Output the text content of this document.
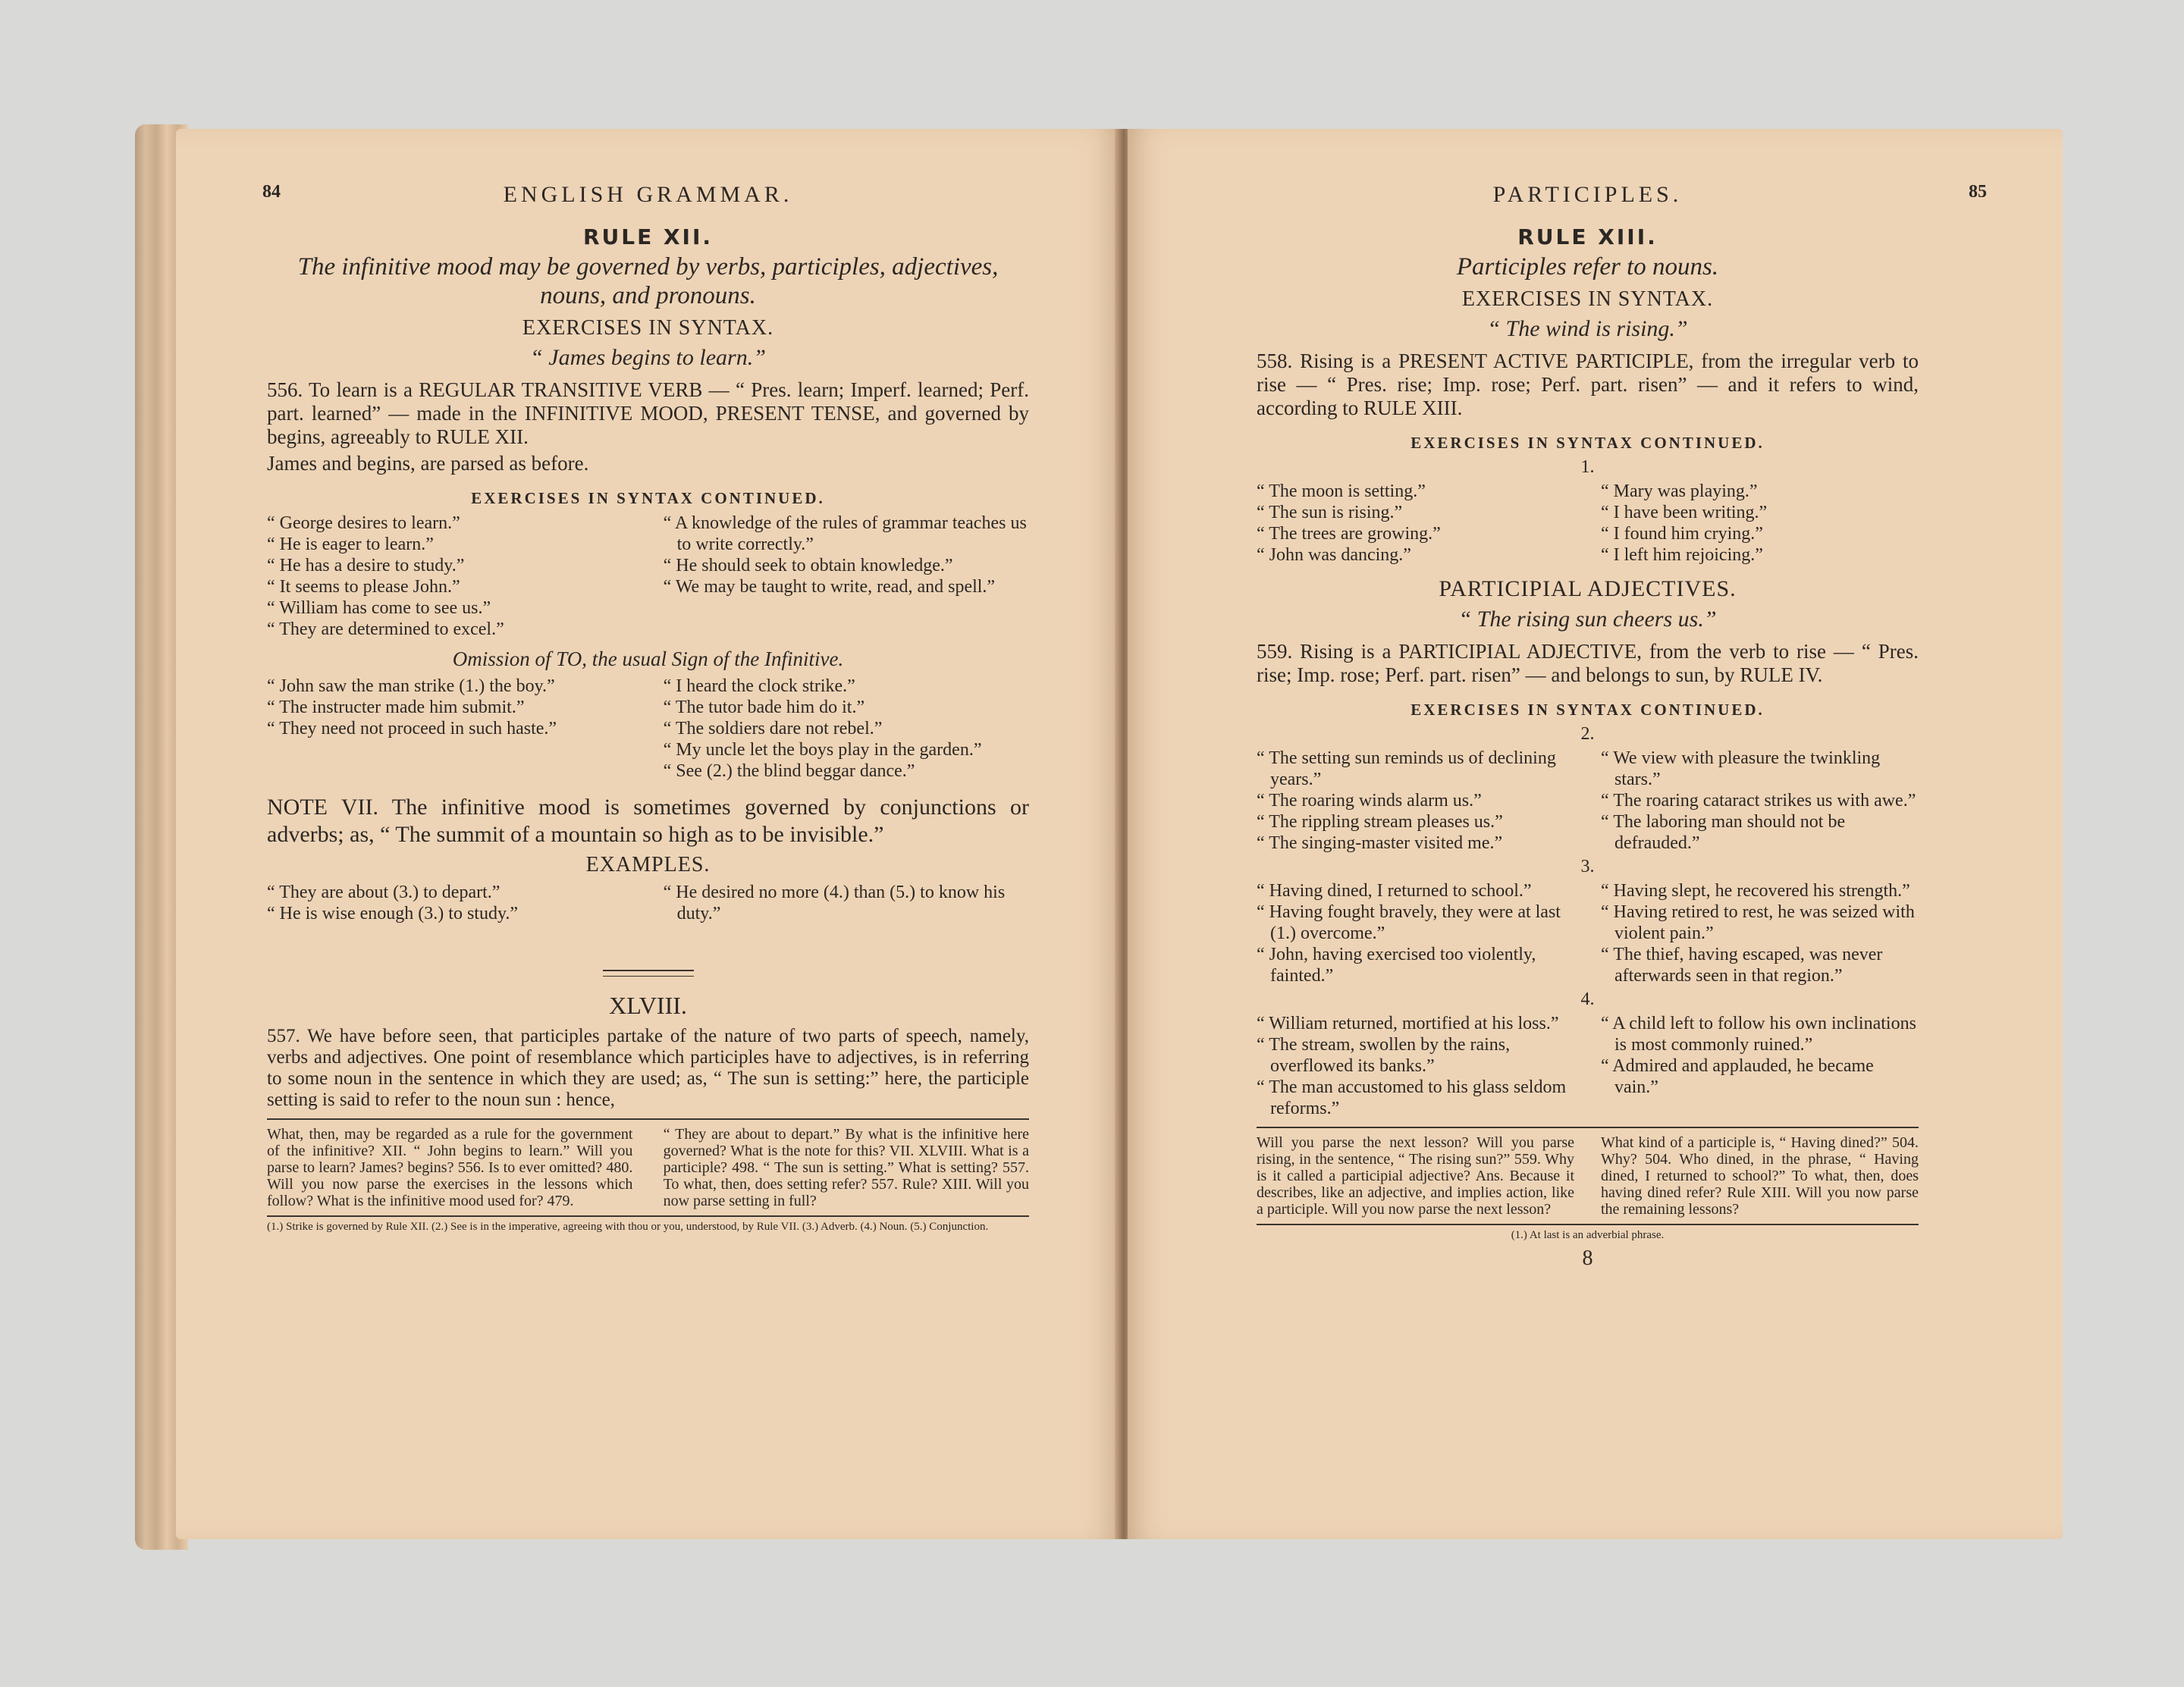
84	ENGLISH GRAMMAR.
RULE XII.
The infinitive mood may be governed by verbs, participles, adjectives, nouns, and pronouns.
EXERCISES IN SYNTAX.
“ James begins to learn.”

556. To learn is a REGULAR TRANSITIVE VERB — “ Pres. learn; Imperf. learned; Perf. part. learned” — made in the INFINITIVE MOOD, PRESENT TENSE, and governed by begins, agreeably to RULE XII.

James and begins, are parsed as before.

EXERCISES IN SYNTAX CONTINUED.
“ George desires to learn.”
“ He is eager to learn.”
“ He has a desire to study.”
“ It seems to please John.”
“ William has come to see us.”
“ They are determined to excel.”
“ A knowledge of the rules of grammar teaches us to write correctly.”
“ He should seek to obtain knowledge.”
“ We may be taught to write, read, and spell.”
Omission of TO, the usual Sign of the Infinitive.
“ John saw the man strike (1.) the boy.”
“ The instructer made him submit.”
“ They need not proceed in such haste.”
“ I heard the clock strike.”
“ The tutor bade him do it.”
“ The soldiers dare not rebel.”
“ My uncle let the boys play in the garden.”
“ See (2.) the blind beggar dance.”

NOTE VII. The infinitive mood is sometimes governed by conjunctions or adverbs; as, “ The summit of a mountain so high as to be invisible.”

EXAMPLES.
“ They are about (3.) to depart.”
“ He is wise enough (3.) to study.”
“ He desired no more (4.) than (5.) to know his duty.”
XLVIII.

557. We have before seen, that participles partake of the nature of two parts of speech, namely, verbs and adjectives. One point of resemblance which participles have to adjectives, is in referring to some noun in the sentence in which they are used; as, “ The sun is setting:” here, the participle setting is said to refer to the noun sun : hence,

What, then, may be regarded as a rule for the government of the infinitive? XII. “ John begins to learn.” Will you parse to learn? James? begins? 556. Is to ever omitted? 480. Will you now parse the exercises in the lessons which follow? What is the infinitive mood used for? 479.
“ They are about to depart.” By what is the infinitive here governed? What is the note for this? VII. XLVIII. What is a participle? 498. “ The sun is setting.” What is setting? 557. To what, then, does setting refer? 557. Rule? XIII. Will you now parse setting in full?
(1.) Strike is governed by Rule XII. (2.) See is in the imperative, agreeing with thou or you, understood, by Rule VII. (3.) Adverb. (4.) Noun. (5.) Conjunction.
PARTICIPLES.	85
RULE XIII.
Participles refer to nouns.
EXERCISES IN SYNTAX.
“ The wind is rising.”

558. Rising is a PRESENT ACTIVE PARTICIPLE, from the irregular verb to rise — “ Pres. rise; Imp. rose; Perf. part. risen” — and it refers to wind, according to RULE XIII.

EXERCISES IN SYNTAX CONTINUED.
1.
“ The moon is setting.”
“ The sun is rising.”
“ The trees are growing.”
“ John was dancing.”
“ Mary was playing.”
“ I have been writing.”
“ I found him crying.”
“ I left him rejoicing.”
PARTICIPIAL ADJECTIVES.
“ The rising sun cheers us.”

559. Rising is a PARTICIPIAL ADJECTIVE, from the verb to rise — “ Pres. rise; Imp. rose; Perf. part. risen” — and belongs to sun, by RULE IV.

EXERCISES IN SYNTAX CONTINUED.
2.
“ The setting sun reminds us of declining years.”
“ The roaring winds alarm us.”
“ The rippling stream pleases us.”
“ The singing-master visited me.”
“ We view with pleasure the twinkling stars.”
“ The roaring cataract strikes us with awe.”
“ The laboring man should not be defrauded.”
3.
“ Having dined, I returned to school.”
“ Having fought bravely, they were at last (1.) overcome.”
“ John, having exercised too violently, fainted.”
“ Having slept, he recovered his strength.”
“ Having retired to rest, he was seized with violent pain.”
“ The thief, having escaped, was never afterwards seen in that region.”
4.
“ William returned, mortified at his loss.”
“ The stream, swollen by the rains, overflowed its banks.”
“ The man accustomed to his glass seldom reforms.”
“ A child left to follow his own inclinations is most commonly ruined.”
“ Admired and applauded, he became vain.”
Will you parse the next lesson? Will you parse rising, in the sentence, “ The rising sun?” 559. Why is it called a participial adjective? Ans. Because it describes, like an adjective, and implies action, like a participle. Will you now parse the next lesson?
What kind of a participle is, “ Having dined?” 504. Why? 504. Who dined, in the phrase, “ Having dined, I returned to school?” To what, then, does having dined refer? Rule XIII. Will you now parse the remaining lessons?
(1.) At last is an adverbial phrase.
8
